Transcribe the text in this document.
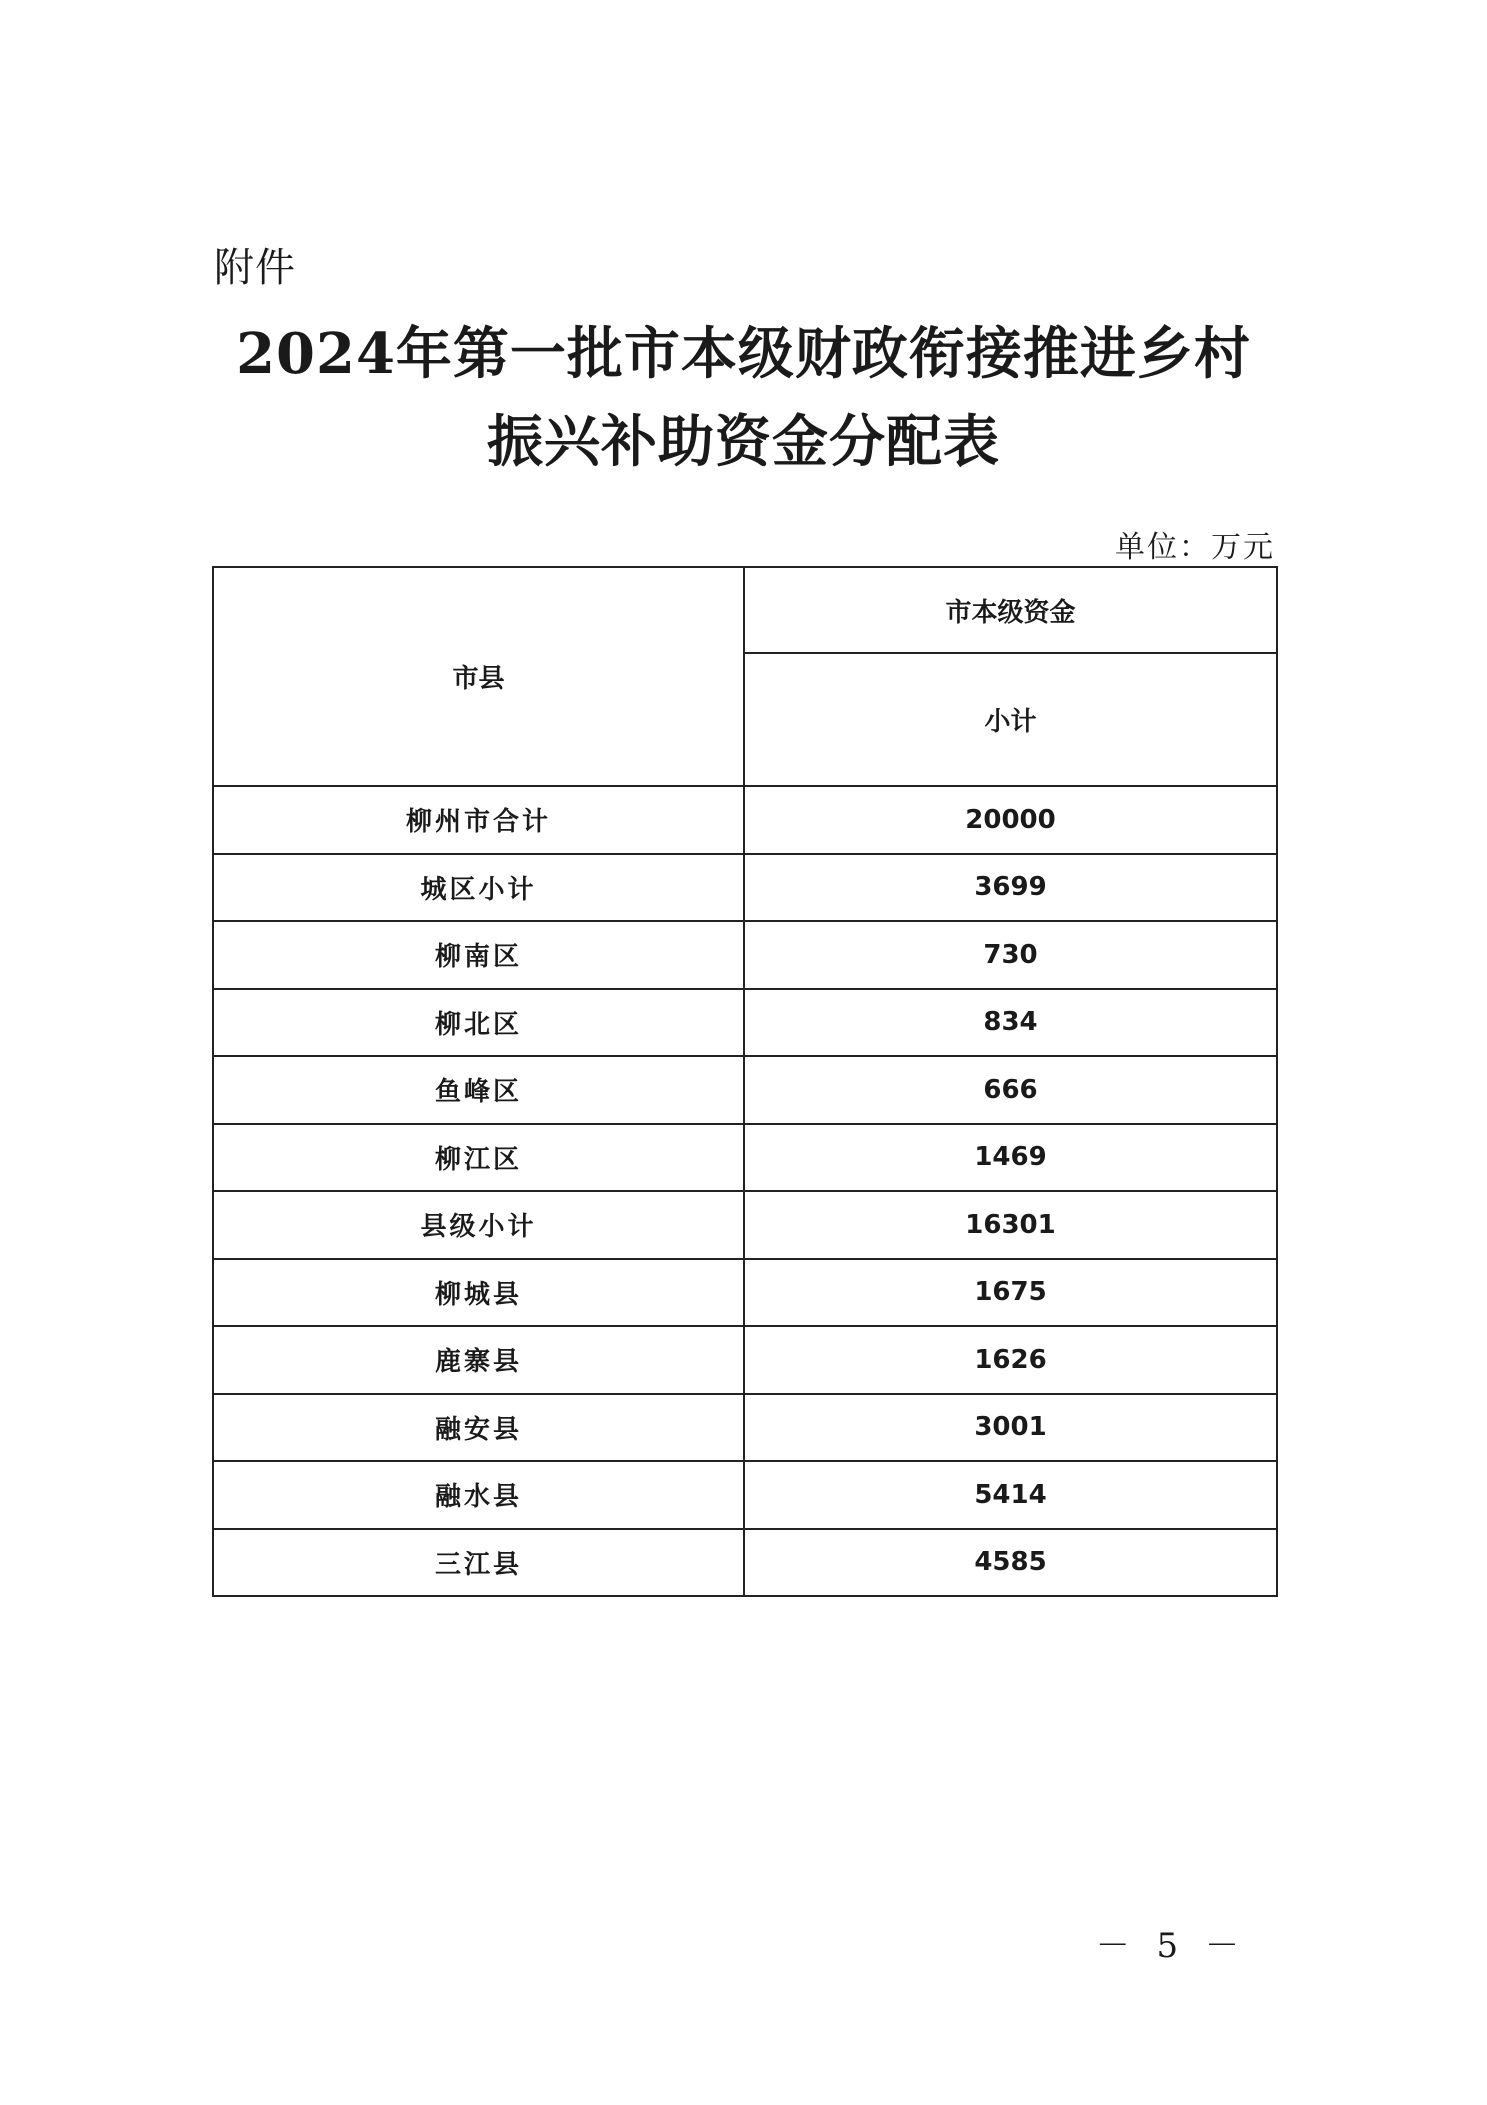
附件
2024年第一批市本级财政衔接推进乡村
振兴补助资金分配表
单位：万元
市县	市本级资金
	小计
柳州市合计	20000
城区小计	3699
柳南区	730
柳北区	834
鱼峰区	666
柳江区	1469
县级小计	16301
柳城县	1675
鹿寨县	1626
融安县	3001
融水县	5414
三江县	4585
－ 5 －
